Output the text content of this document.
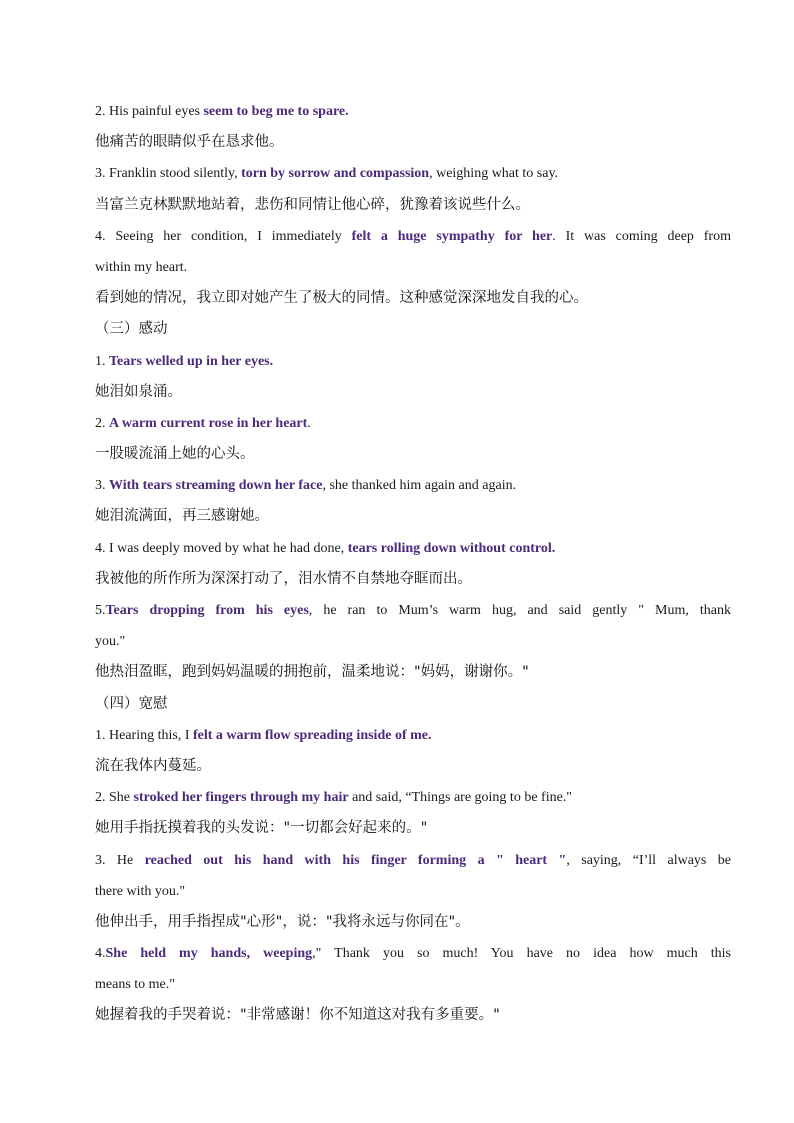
2. His painful eyes seem to beg me to spare.
他痛苦的眼睛似乎在恳求他。
3. Franklin stood silently, torn by sorrow and compassion, weighing what to say.
当富兰克林默默地站着，悲伤和同情让他心碎，犹豫着该说些什么。
4. Seeing her condition, I immediately felt a huge sympathy for her. It was coming deep from
within my heart.
看到她的情况，我立即对她产生了极大的同情。这种感觉深深地发自我的心。
（三）感动
1. Tears welled up in her eyes.
她泪如泉涌。
2. A warm current rose in her heart.
一股暖流涌上她的心头。
3. With tears streaming down her face, she thanked him again and again.
她泪流满面，再三感谢她。
4. I was deeply moved by what he had done, tears rolling down without control.
我被他的所作所为深深打动了，泪水情不自禁地夺眶而出。
5.Tears dropping from his eyes, he ran to Mum’s warm hug, and said gently " Mum, thank
you."
他热泪盈眶，跑到妈妈温暖的拥抱前，温柔地说："妈妈，谢谢你。"
（四）宽慰
1. Hearing this, I felt a warm flow spreading inside of me.
流在我体内蔓延。
2. She stroked her fingers through my hair and said, “Things are going to be fine."
她用手指抚摸着我的头发说："一切都会好起来的。"
3. He reached out his hand with his finger forming a " heart ", saying, “I’ll always be
there with you."
他伸出手，用手指捏成"心形"，说："我将永远与你同在"。
4.She held my hands, weeping," Thank you so much! You have no idea how much this
means to me."
她握着我的手哭着说："非常感谢！你不知道这对我有多重要。"
